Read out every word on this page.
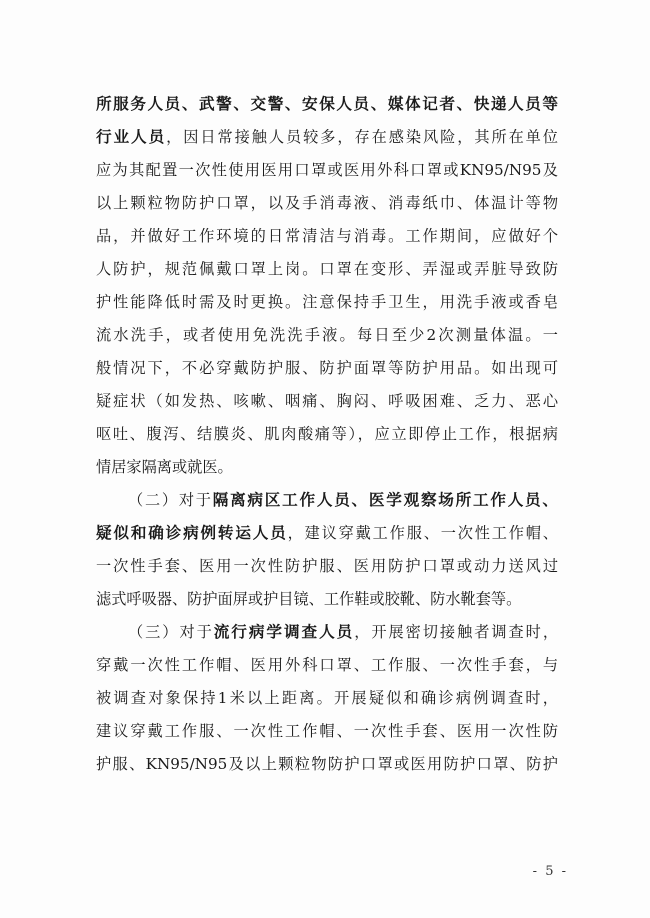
所服务人员、武警、交警、安保人员、媒体记者、快递人员等
行业人员，因日常接触人员较多，存在感染风险，其所在单位
应为其配置一次性使用医用口罩或医用外科口罩或KN95/N95及
以上颗粒物防护口罩，以及手消毒液、消毒纸巾、体温计等物
品，并做好工作环境的日常清洁与消毒。工作期间，应做好个
人防护，规范佩戴口罩上岗。口罩在变形、弄湿或弄脏导致防
护性能降低时需及时更换。注意保持手卫生，用洗手液或香皂
流水洗手，或者使用免洗洗手液。每日至少2次测量体温。一
般情况下，不必穿戴防护服、防护面罩等防护用品。如出现可
疑症状（如发热、咳嗽、咽痛、胸闷、呼吸困难、乏力、恶心
呕吐、腹泻、结膜炎、肌肉酸痛等），应立即停止工作，根据病
情居家隔离或就医。
（二）对于隔离病区工作人员、医学观察场所工作人员、
疑似和确诊病例转运人员，建议穿戴工作服、一次性工作帽、
一次性手套、医用一次性防护服、医用防护口罩或动力送风过
滤式呼吸器、防护面屏或护目镜、工作鞋或胶靴、防水靴套等。
（三）对于流行病学调查人员，开展密切接触者调查时，
穿戴一次性工作帽、医用外科口罩、工作服、一次性手套，与
被调查对象保持1米以上距离。开展疑似和确诊病例调查时，
建议穿戴工作服、一次性工作帽、一次性手套、医用一次性防
护服、KN95/N95及以上颗粒物防护口罩或医用防护口罩、防护
- 5 -
